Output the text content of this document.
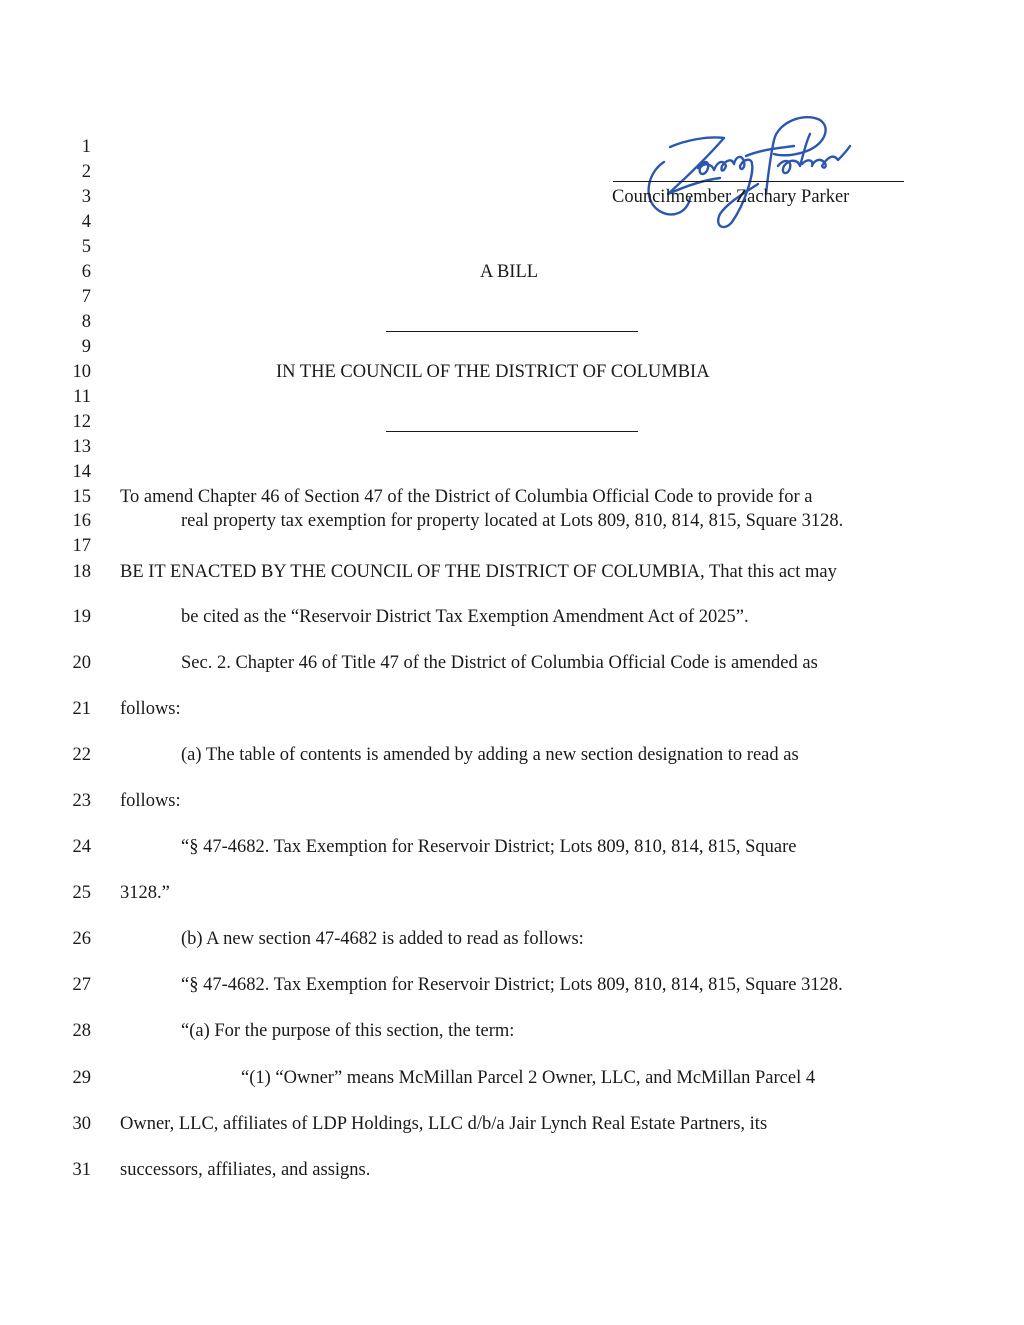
1
2
3
4
5
6
7
8
9
10
11
12
13
14
15
16
17
18
19
20
21
22
23
24
25
26
27
28
29
30
31
Zachary Parker
Councilmember Zachary Parker
A BILL
IN THE COUNCIL OF THE DISTRICT OF COLUMBIA
To amend Chapter 46 of Section 47 of the District of Columbia Official Code to provide for a
real property tax exemption for property located at Lots 809, 810, 814, 815, Square 3128.
BE IT ENACTED BY THE COUNCIL OF THE DISTRICT OF COLUMBIA, That this act may
be cited as the “Reservoir District Tax Exemption Amendment Act of 2025”.
Sec. 2. Chapter 46 of Title 47 of the District of Columbia Official Code is amended as
follows:
(a) The table of contents is amended by adding a new section designation to read as
follows:
“§ 47-4682. Tax Exemption for Reservoir District; Lots 809, 810, 814, 815, Square
3128.”
(b) A new section 47-4682 is added to read as follows:
“§ 47-4682. Tax Exemption for Reservoir District; Lots 809, 810, 814, 815, Square 3128.
“(a) For the purpose of this section, the term:
“(1) “Owner” means McMillan Parcel 2 Owner, LLC, and McMillan Parcel 4
Owner, LLC, affiliates of LDP Holdings, LLC d/b/a Jair Lynch Real Estate Partners, its
successors, affiliates, and assigns.
